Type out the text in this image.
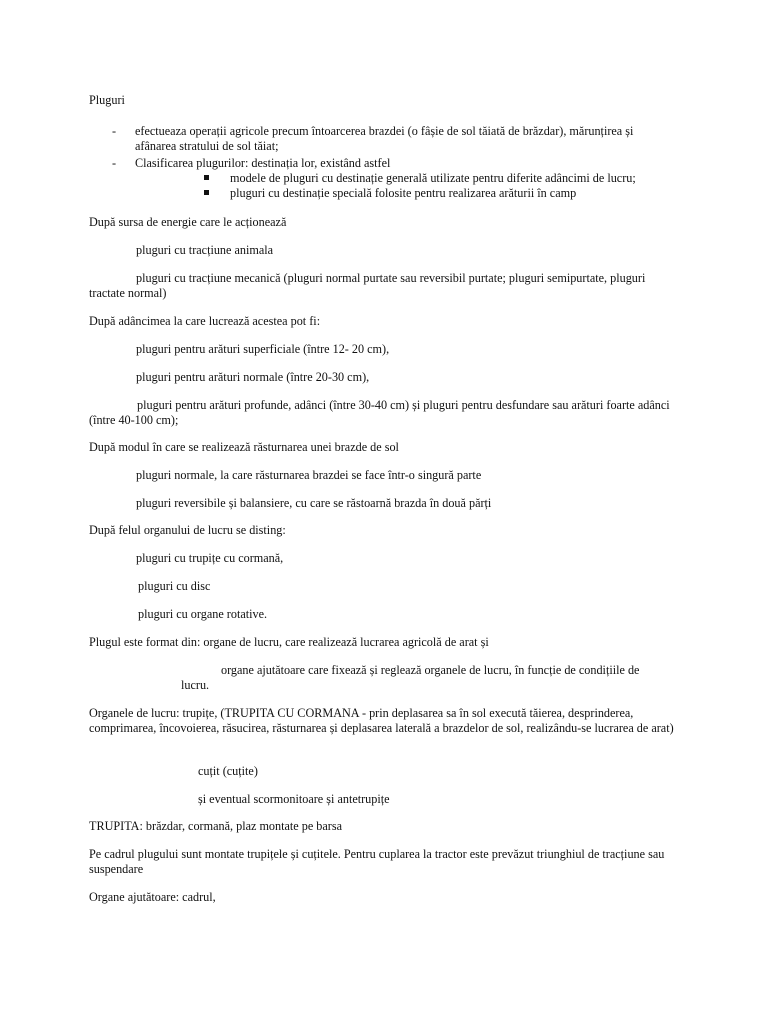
Pluguri
- efectueaza operații agricole precum întoarcerea brazdei (o fâșie de sol tăiată de brăzdar), mărunțirea și afânarea stratului de sol tăiat;
- Clasificarea plugurilor: destinația lor, existând astfel
modele de pluguri cu destinație generală utilizate pentru diferite adâncimi de lucru;
pluguri cu destinație specială folosite pentru realizarea arăturii în camp
După sursa de energie care le acționează
pluguri cu tracțiune animala
pluguri cu tracțiune mecanică (pluguri normal purtate sau reversibil purtate; pluguri semipurtate, pluguri tractate normal)
După adâncimea la care lucrează acestea pot fi:
pluguri pentru arături superficiale (între 12- 20 cm),
pluguri pentru arături normale (între 20-30 cm),
pluguri pentru arături profunde, adânci (între 30-40 cm) și pluguri pentru desfundare sau arături foarte adânci (între 40-100 cm);
După modul în care se realizează răsturnarea unei brazde de sol
pluguri normale, la care răsturnarea brazdei se face într-o singură parte
pluguri reversibile și balansiere, cu care se răstoarnă brazda în două părți
După felul organului de lucru se disting:
pluguri cu trupițe cu cormană,
pluguri cu disc
pluguri cu organe rotative.
Plugul este format din: organe de lucru, care realizează lucrarea agricolă de arat și
organe ajutătoare care fixează și reglează organele de lucru, în funcție de condițiile de lucru.
Organele de lucru: trupițe, (TRUPITA CU CORMANA - prin deplasarea sa în sol execută tăierea, desprinderea, comprimarea, încovoierea, răsucirea, răsturnarea și deplasarea laterală a brazdelor de sol, realizându-se lucrarea de arat)
cuțit (cuțite)
și eventual scormonitoare și antetrupițe
TRUPITA: brăzdar, cormană, plaz montate pe barsa
Pe cadrul plugului sunt montate trupițele și cuțitele. Pentru cuplarea la tractor este prevăzut triunghiul de tracțiune sau suspendare
Organe ajutătoare: cadrul,
